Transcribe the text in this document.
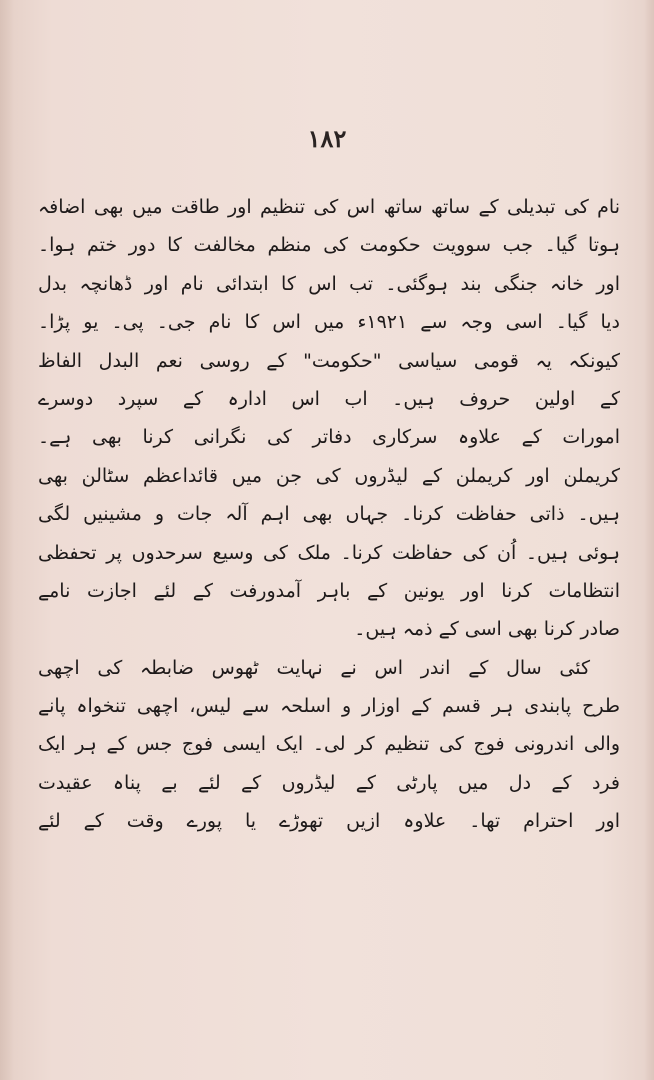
۱۸۲
نام کی تبدیلی کے ساتھ ساتھ اس کی تنظیم اور طاقت میں بھی اضافہ
ہوتا گیا۔ جب سوویت حکومت کی منظم مخالفت کا دور ختم ہوا۔
اور خانہ جنگی بند ہوگئی۔ تب اس کا ابتدائی نام اور ڈھانچہ بدل
دیا گیا۔ اسی وجہ سے ۱۹۲۱ء میں اس کا نام جی۔ پی۔ یو پڑا۔
کیونکہ یہ قومی سیاسی "حکومت" کے روسی نعم البدل الفاظ
کے اولین حروف ہیں۔ اب اس ادارہ کے سپرد دوسرے
امورات کے علاوہ سرکاری دفاتر کی نگرانی کرنا بھی ہے۔
کریملن اور کریملن کے لیڈروں کی جن میں قائداعظم سٹالن بھی
ہیں۔ ذاتی حفاظت کرنا۔ جہاں بھی اہم آلہ جات و مشینیں لگی
ہوئی ہیں۔ اُن کی حفاظت کرنا۔ ملک کی وسیع سرحدوں پر تحفظی
انتظامات کرنا اور یونین کے باہر آمدورفت کے لئے اجازت نامے
صادر کرنا بھی اسی کے ذمہ ہیں۔
کئی سال کے اندر اس نے نہایت ٹھوس ضابطہ کی اچھی
طرح پابندی ہر قسم کے اوزار و اسلحہ سے لیس، اچھی تنخواہ پانے
والی اندرونی فوج کی تنظیم کر لی۔ ایک ایسی فوج جس کے ہر ایک
فرد کے دل میں پارٹی کے لیڈروں کے لئے بے پناہ عقیدت
اور احترام تھا۔ علاوہ ازیں تھوڑے یا پورے وقت کے لئے
